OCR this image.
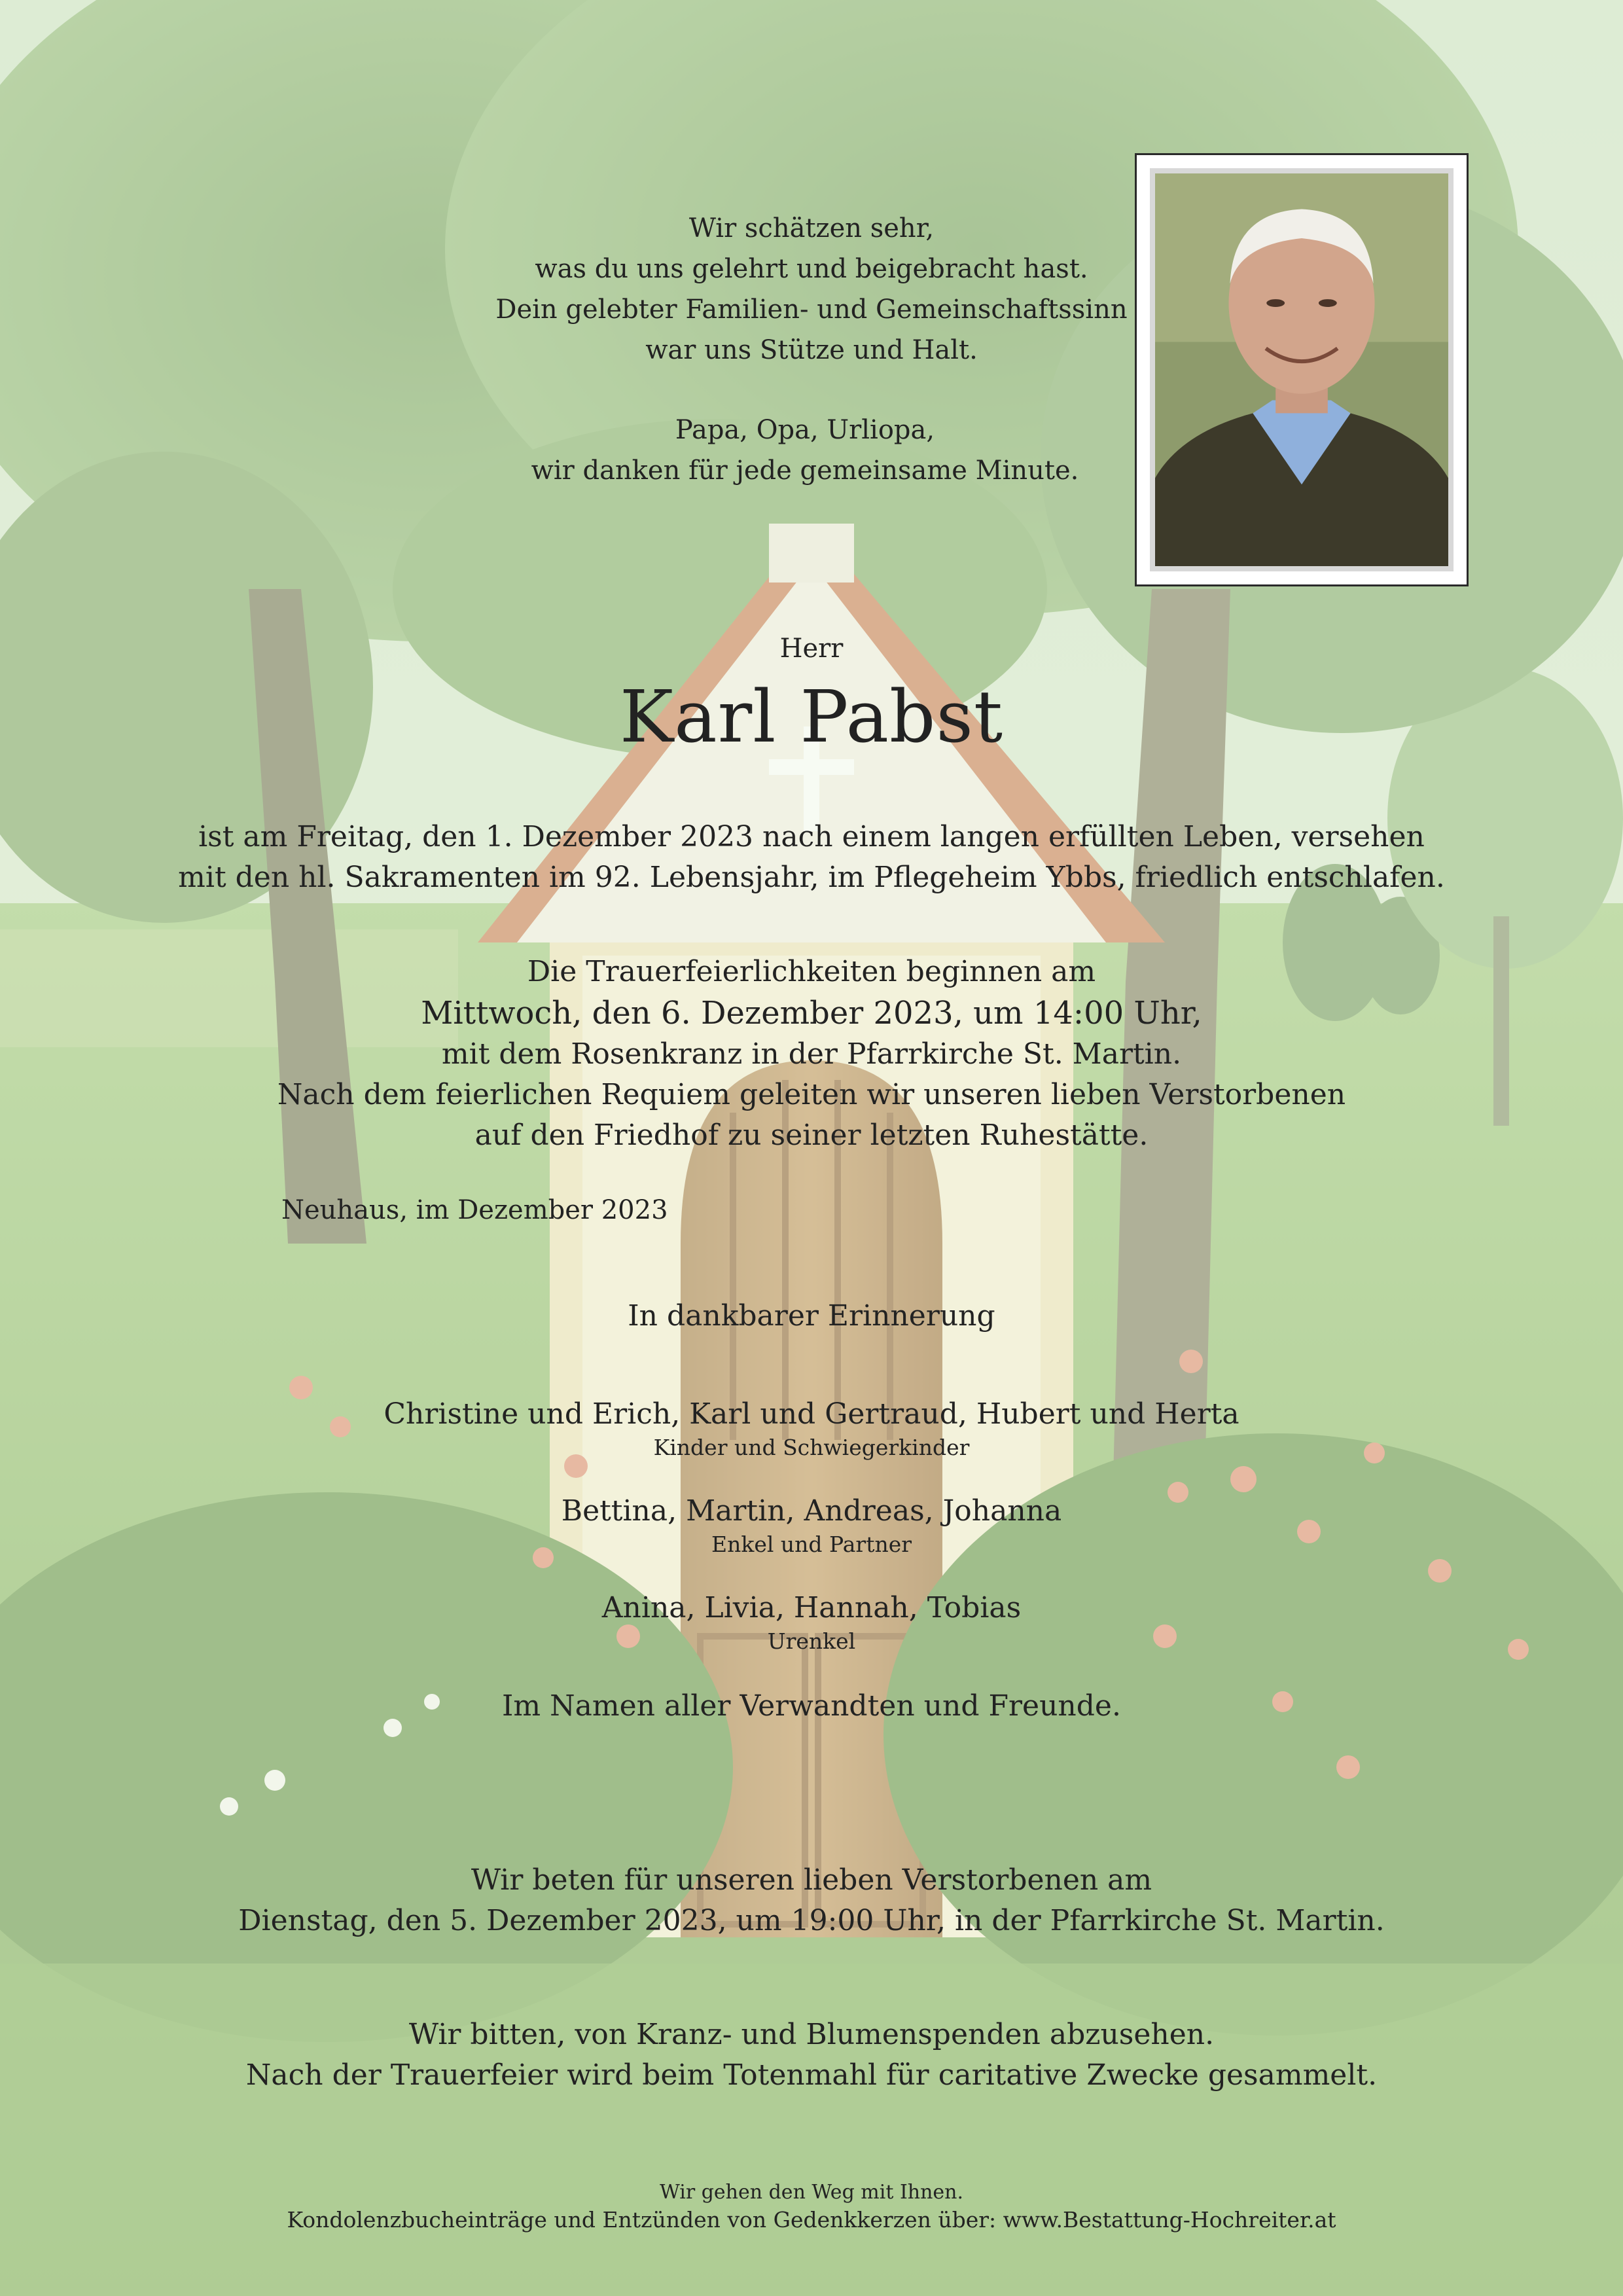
Wir schätzen sehr,
was du uns gelehrt und beigebracht hast.
Dein gelebter Familien- und Gemeinschaftssinn
war uns Stütze und Halt.
Papa, Opa, Urliopa,
wir danken für jede gemeinsame Minute.
Herr
Karl Pabst
ist am Freitag, den 1. Dezember 2023 nach einem langen erfüllten Leben, versehen
mit den hl. Sakramenten im 92. Lebensjahr, im Pflegeheim Ybbs, friedlich entschlafen.
Die Trauerfeierlichkeiten beginnen am
Mittwoch, den 6. Dezember 2023, um 14:00 Uhr,
mit dem Rosenkranz in der Pfarrkirche St. Martin.
Nach dem feierlichen Requiem geleiten wir unseren lieben Verstorbenen
auf den Friedhof zu seiner letzten Ruhestätte.
Neuhaus, im Dezember 2023
In dankbarer Erinnerung
Christine und Erich, Karl und Gertraud, Hubert und Herta
Kinder und Schwiegerkinder
Bettina, Martin, Andreas, Johanna
Enkel und Partner
Anina, Livia, Hannah, Tobias
Urenkel
Im Namen aller Verwandten und Freunde.
Wir beten für unseren lieben Verstorbenen am
Dienstag, den 5. Dezember 2023, um 19:00 Uhr, in der Pfarrkirche St. Martin.
Wir bitten, von Kranz- und Blumenspenden abzusehen.
Nach der Trauerfeier wird beim Totenmahl für caritative Zwecke gesammelt.
Wir gehen den Weg mit Ihnen.
Kondolenzbucheinträge und Entzünden von Gedenkkerzen über: www.Bestattung-Hochreiter.at
